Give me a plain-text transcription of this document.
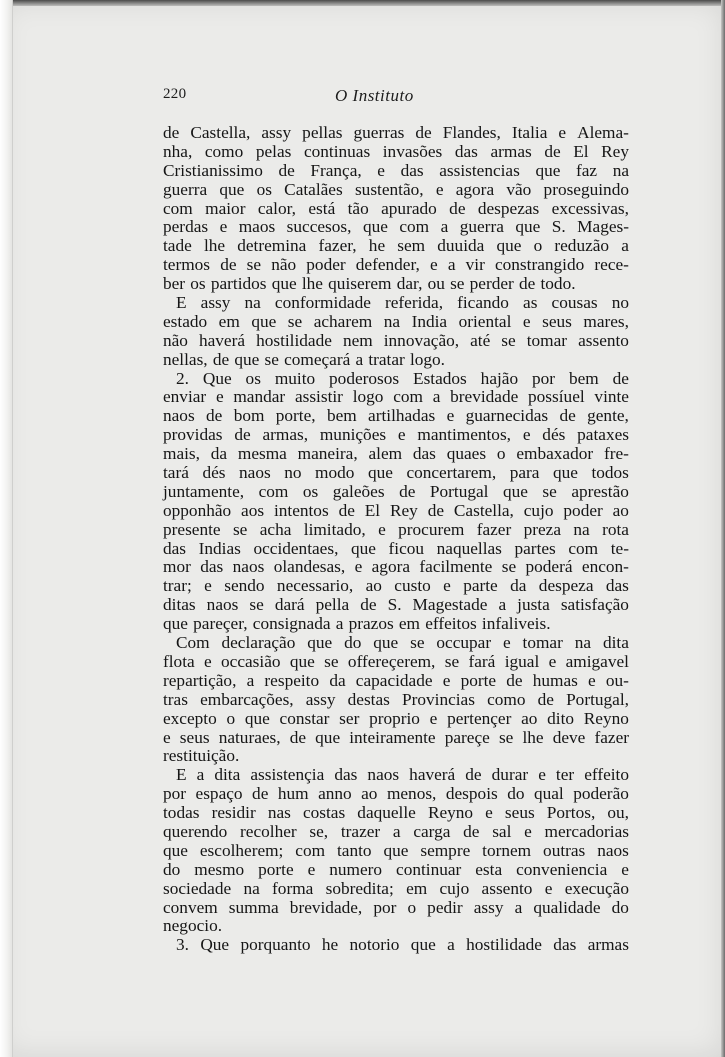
220	O Instituto
de Castella, assy pellas guerras de Flandes, Italia e Alema-
nha, como pelas continuas invasões das armas de El Rey
Cristianissimo de França, e das assistencias que faz na
guerra que os Catalães sustentão, e agora vão proseguindo
com maior calor, está tão apurado de despezas excessivas,
perdas e maos succesos, que com a guerra que S. Mages-
tade lhe detremina fazer, he sem duuida que o reduzão a
termos de se não poder defender, e a vir constrangido rece-
ber os partidos que lhe quiserem dar, ou se perder de todo.
E assy na conformidade referida, ficando as cousas no
estado em que se acharem na India oriental e seus mares,
não haverá hostilidade nem innovação, até se tomar assento
nellas, de que se começará a tratar logo.
2. Que os muito poderosos Estados hajão por bem de
enviar e mandar assistir logo com a brevidade possíuel vinte
naos de bom porte, bem artilhadas e guarnecidas de gente,
providas de armas, munições e mantimentos, e dés pataxes
mais, da mesma maneira, alem das quaes o embaxador fre-
tará dés naos no modo que concertarem, para que todos
juntamente, com os galeões de Portugal que se aprestão
opponhão aos intentos de El Rey de Castella, cujo poder ao
presente se acha limitado, e procurem fazer preza na rota
das Indias occidentaes, que ficou naquellas partes com te-
mor das naos olandesas, e agora facilmente se poderá encon-
trar; e sendo necessario, ao custo e parte da despeza das
ditas naos se dará pella de S. Magestade a justa satisfação
que pareçer, consignada a prazos em effeitos infaliveis.
Com declaração que do que se occupar e tomar na dita
flota e occasião que se offereçerem, se fará igual e amigavel
repartição, a respeito da capacidade e porte de humas e ou-
tras embarcações, assy destas Provincias como de Portugal,
excepto o que constar ser proprio e pertençer ao dito Reyno
e seus naturaes, de que inteiramente pareçe se lhe deve fazer
restituição.
E a dita assistençia das naos haverá de durar e ter effeito
por espaço de hum anno ao menos, despois do qual poderão
todas residir nas costas daquelle Reyno e seus Portos, ou,
querendo recolher se, trazer a carga de sal e mercadorias
que escolherem; com tanto que sempre tornem outras naos
do mesmo porte e numero continuar esta conveniencia e
sociedade na forma sobredita; em cujo assento e execução
convem summa brevidade, por o pedir assy a qualidade do
negocio.
3. Que porquanto he notorio que a hostilidade das armas
